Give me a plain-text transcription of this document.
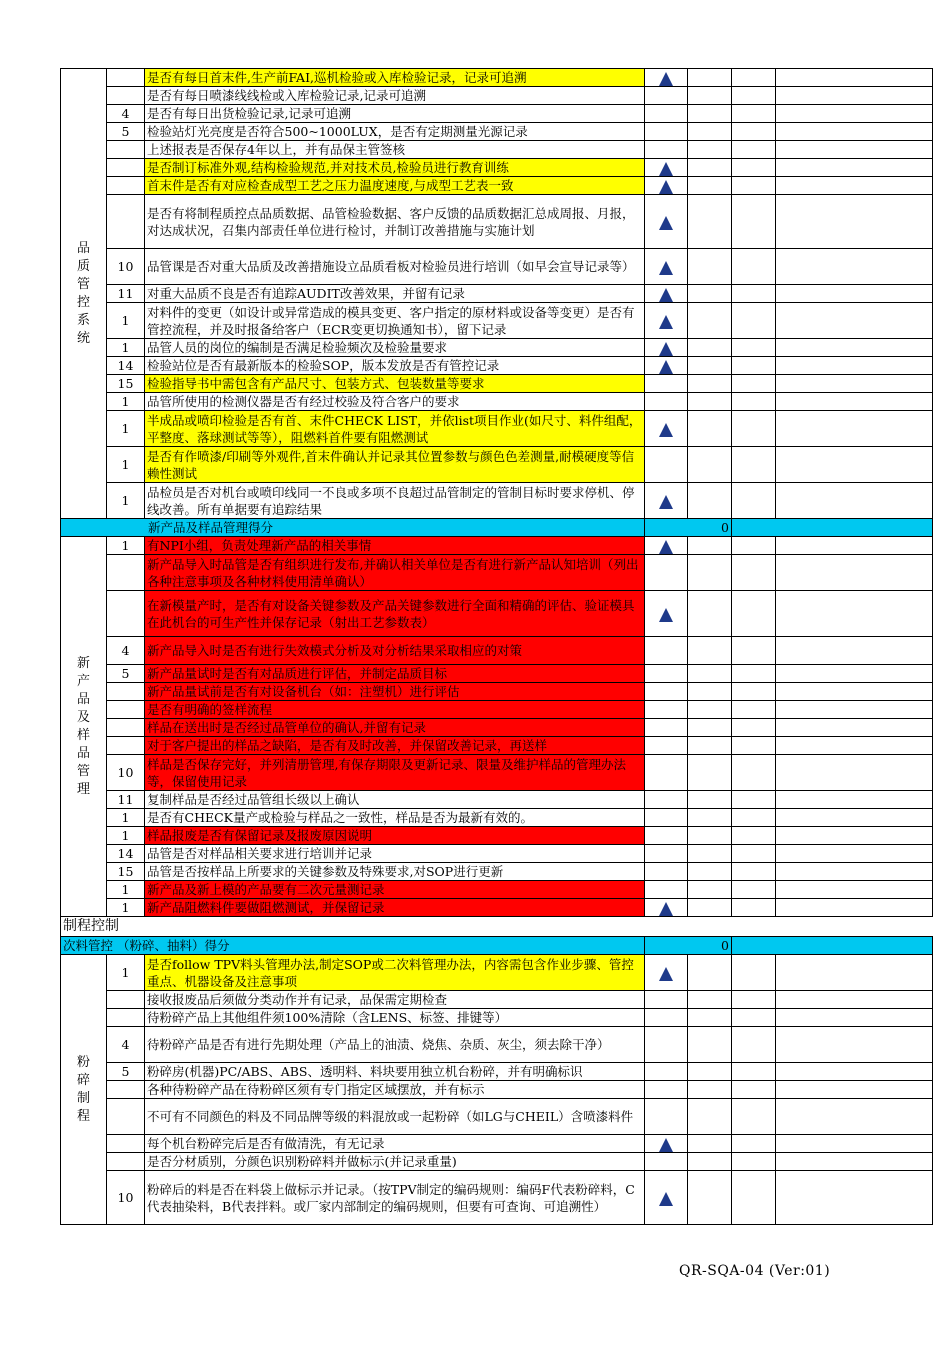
品质管控系统		是否有每日首末件,生产前FAI,巡机检验或入库检验记录，记录可追溯				
		是否有每日喷漆线线检或入库检验记录,记录可追溯				
	4	是否有每日出货检验记录,记录可追溯				
	5	检验站灯光亮度是否符合500~1000LUX，是否有定期测量光源记录				
		上述报表是否保存4年以上，并有品保主管签核				
		是否制订标准外观,结构检验规范,并对技术员,检验员进行教育训练				
		首末件是否有对应检查成型工艺之压力温度速度,与成型工艺表一致				
		是否有将制程质控点品质数据、品管检验数据、客户反馈的品质数据汇总成周报、月报，对达成状况，召集内部责任单位进行检讨，并制订改善措施与实施计划				
	10	品管课是否对重大品质及改善措施设立品质看板对检验员进行培训（如早会宣导记录等）				
	11	对重大品质不良是否有追踪AUDIT改善效果，并留有记录				
	1	对料件的变更（如设计或异常造成的模具变更、客户指定的原材料或设备等变更）是否有管控流程，并及时报备给客户（ECR变更切换通知书），留下记录				
	1	品管人员的岗位的编制是否满足检验频次及检验量要求				
	14	检验站位是否有最新版本的检验SOP，版本发放是否有管控记录				
	15	检验指导书中需包含有产品尺寸、包装方式、包装数量等要求				
	1	品管所使用的检测仪器是否有经过校验及符合客户的要求				
	1	半成品或喷印检验是否有首、末件CHECK LIST，并依list项目作业(如尺寸、料件组配，平整度、落球测试等等），阻燃料首件要有阻燃测试				
	1	是否有作喷漆/印刷等外观件,首末件确认并记录其位置参数与颜色色差测量,耐模硬度等信赖性测试				
	1	品检员是否对机台或喷印线同一不良或多项不良超过品管制定的管制目标时要求停机、停线改善。所有单据要有追踪结果				
新产品及样品管理得分			0			

新产品及样品管理	1	有NPI小组，负责处理新产品的相关事情				
		新产品导入时品管是否有组织进行发布,并确认相关单位是否有进行新产品认知培训（列出各种注意事项及各种材料使用清单确认）				
		在新模量产时，是否有对设备关键参数及产品关键参数进行全面和精确的评估、验证模具在此机台的可生产性并保存记录（射出工艺参数表）				
	4	新产品导入时是否有进行失效模式分析及对分析结果采取相应的对策				
	5	新产品量试时是否有对品质进行评估，并制定品质目标				
		新产品量试前是否有对设备机台（如：注塑机）进行评估				
		是否有明确的签样流程				
		样品在送出时是否经过品管单位的确认,并留有记录				
		对于客户提出的样品之缺陷，是否有及时改善，并保留改善记录，再送样				
	10	样品是否保存完好，并列清册管理,有保存期限及更新记录、限量及维护样品的管理办法等，保留使用记录				
	11	复制样品是否经过品管组长级以上确认				
	1	是否有CHECK量产或检验与样品之一致性，样品是否为最新有效的。				
	1	样品报废是否有保留记录及报废原因说明				
	14	品管是否对样品相关要求进行培训并记录				
	15	品管是否按样品上所要求的关键参数及特殊要求,对SOP进行更新				
	1	新产品及新上模的产品要有二次元量测记录				
	1	新产品阻燃料件要做阻燃测试，并保留记录				
制程控制						
次料管控 （粉碎、抽料）得分			0			

粉碎制程	1	是否follow TPV料头管理办法,制定SOP或二次料管理办法，内容需包含作业步骤、管控重点、机器设备及注意事项				
		接收报废品后须做分类动作并有记录，品保需定期检查				
		待粉碎产品上其他组件须100%清除（含LENS、标签、排键等）				
	4	待粉碎产品是否有进行先期处理（产品上的油渍、烧焦、杂质、灰尘，须去除干净）				
	5	粉碎房(机器)PC/ABS、ABS、透明料、料块要用独立机台粉碎，并有明确标识				
		各种待粉碎产品在待粉碎区须有专门指定区域摆放，并有标示				
		不可有不同颜色的料及不同品牌等级的料混放或一起粉碎（如LG与CHEIL）含喷漆料件				
		每个机台粉碎完后是否有做清洗，有无记录				
		是否分材质别，分颜色识别粉碎料并做标示(并记录重量)				
	10	粉碎后的料是否在料袋上做标示并记录。（按TPV制定的编码规则：编码F代表粉碎料，C代表抽染料，B代表拌料。或厂家内部制定的编码规则，但要有可查询、可追溯性）				
QR-SQA-04 (Ver:01)
